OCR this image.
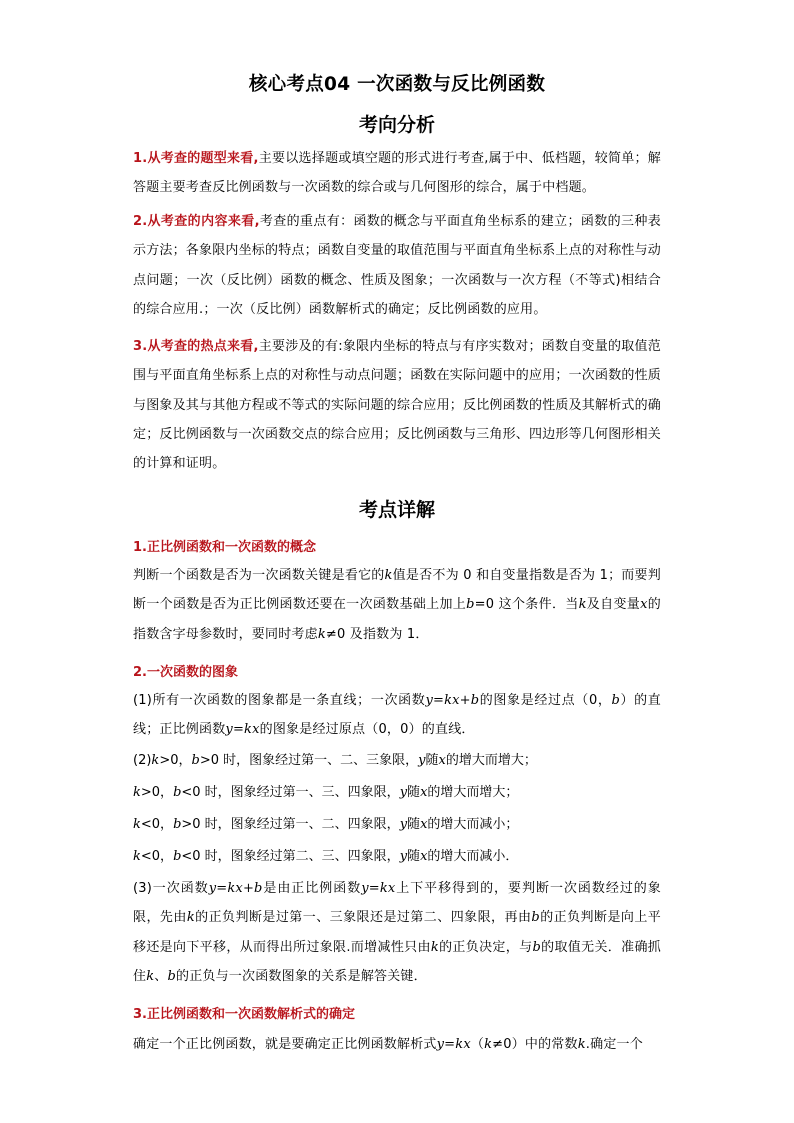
核心考点04 一次函数与反比例函数
考向分析

1.从考查的题型来看,主要以选择题或填空题的形式进行考查,属于中、低档题，较简单；解答题主要考查反比例函数与一次函数的综合或与几何图形的综合，属于中档题。

2.从考查的内容来看,考查的重点有：函数的概念与平面直角坐标系的建立；函数的三种表示方法；各象限内坐标的特点；函数自变量的取值范围与平面直角坐标系上点的对称性与动点问题；一次（反比例）函数的概念、性质及图象；一次函数与一次方程（不等式)相结合的综合应用.；一次（反比例）函数解析式的确定；反比例函数的应用。

3.从考查的热点来看,主要涉及的有:象限内坐标的特点与有序实数对；函数自变量的取值范围与平面直角坐标系上点的对称性与动点问题；函数在实际问题中的应用；一次函数的性质与图象及其与其他方程或不等式的实际问题的综合应用；反比例函数的性质及其解析式的确定；反比例函数与一次函数交点的综合应用；反比例函数与三角形、四边形等几何图形相关的计算和证明。

考点详解

1.正比例函数和一次函数的概念

判断一个函数是否为一次函数关键是看它的k值是否不为 0 和自变量指数是否为 1；而要判断一个函数是否为正比例函数还要在一次函数基础上加上b=0 这个条件．当k及自变量x的指数含字母参数时，要同时考虑k≠0 及指数为 1．

2.一次函数的图象

(1)所有一次函数的图象都是一条直线；一次函数y=kx+b的图象是经过点（0，b）的直线；正比例函数y=kx的图象是经过原点（0，0）的直线．

(2)k>0，b>0 时，图象经过第一、二、三象限，y随x的增大而增大；

k>0，b<0 时，图象经过第一、三、四象限，y随x的增大而增大；

k<0，b>0 时，图象经过第一、二、四象限，y随x的增大而减小；

k<0，b<0 时，图象经过第二、三、四象限，y随x的增大而减小．

(3)一次函数y=kx+b是由正比例函数y=kx上下平移得到的，要判断一次函数经过的象限，先由k的正负判断是过第一、三象限还是过第二、四象限，再由b的正负判断是向上平移还是向下平移，从而得出所过象限.而增减性只由k的正负决定，与b的取值无关．准确抓住k、b的正负与一次函数图象的关系是解答关键．

3.正比例函数和一次函数解析式的确定

确定一个正比例函数，就是要确定正比例函数解析式y=kx（k≠0）中的常数k.确定一个
